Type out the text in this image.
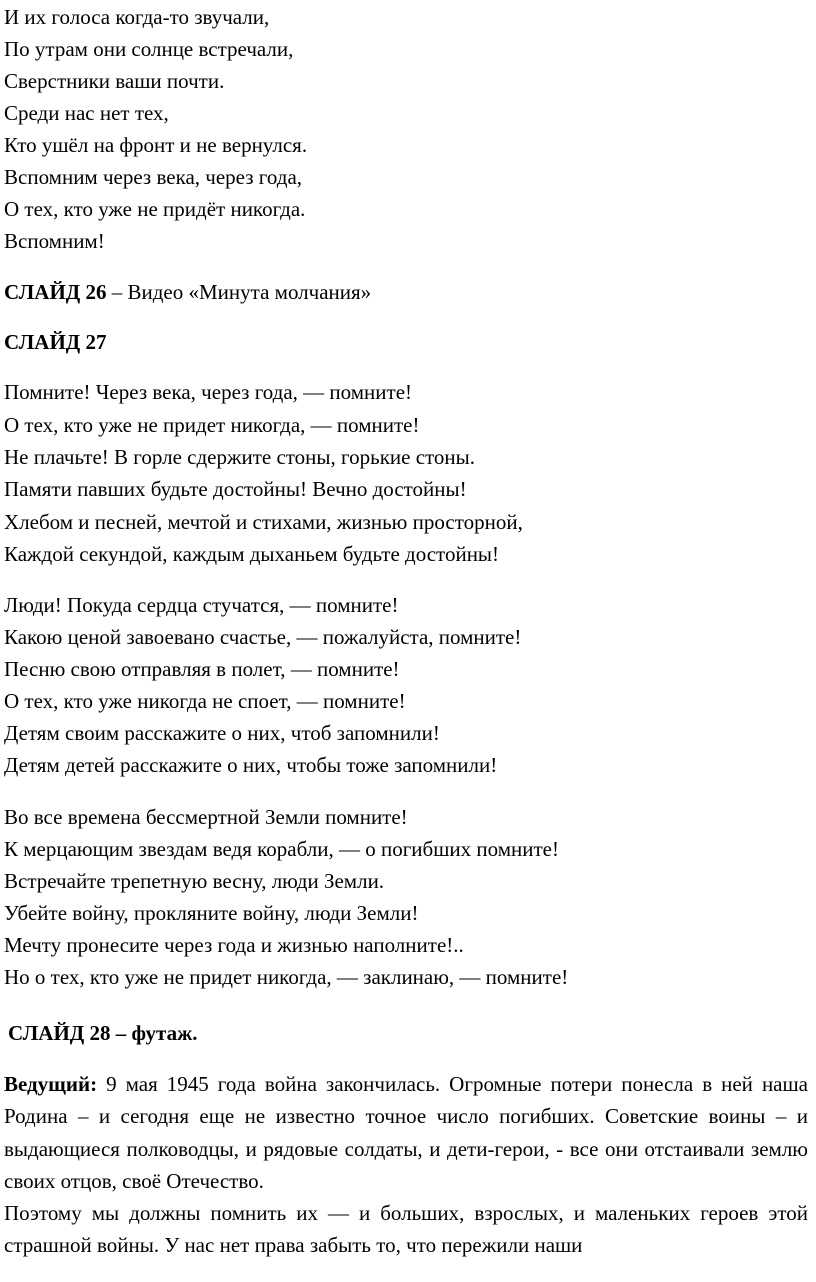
И их голоса когда-то звучали,
По утрам они солнце встречали,
Сверстники ваши почти.
Среди нас нет тех,
Кто ушёл на фронт и не вернулся.
Вспомним через века, через года,
О тех, кто уже не придёт никогда.
Вспомним!
СЛАЙД 26 – Видео «Минута молчания»
СЛАЙД 27
Помните! Через века, через года, — помните!
О тех, кто уже не придет никогда, — помните!
Не плачьте! В горле сдержите стоны, горькие стоны.
Памяти павших будьте достойны! Вечно достойны!
Хлебом и песней, мечтой и стихами, жизнью просторной,
Каждой секундой, каждым дыханьем будьте достойны!
Люди! Покуда сердца стучатся, — помните!
Какою ценой завоевано счастье, — пожалуйста, помните!
Песню свою отправляя в полет, — помните!
О тех, кто уже никогда не споет, — помните!
Детям своим расскажите о них, чтоб запомнили!
Детям детей расскажите о них, чтобы тоже запомнили!
Во все времена бессмертной Земли помните!
К мерцающим звездам ведя корабли, — о погибших помните!
Встречайте трепетную весну, люди Земли.
Убейте войну, прокляните войну, люди Земли!
Мечту пронесите через года и жизнью наполните!..
Но о тех, кто уже не придет никогда, — заклинаю, — помните!
СЛАЙД 28 – футаж.
Ведущий: 9 мая 1945 года война закончилась. Огромные потери понесла в ней наша Родина – и сегодня еще не известно точное число погибших. Советские воины – и выдающиеся полководцы, и рядовые солдаты, и дети-герои, - все они отстаивали землю своих отцов, своё Отечество.
Поэтому мы должны помнить их — и больших, взрослых, и маленьких героев этой страшной войны. У нас нет права забыть то, что пережили наши
